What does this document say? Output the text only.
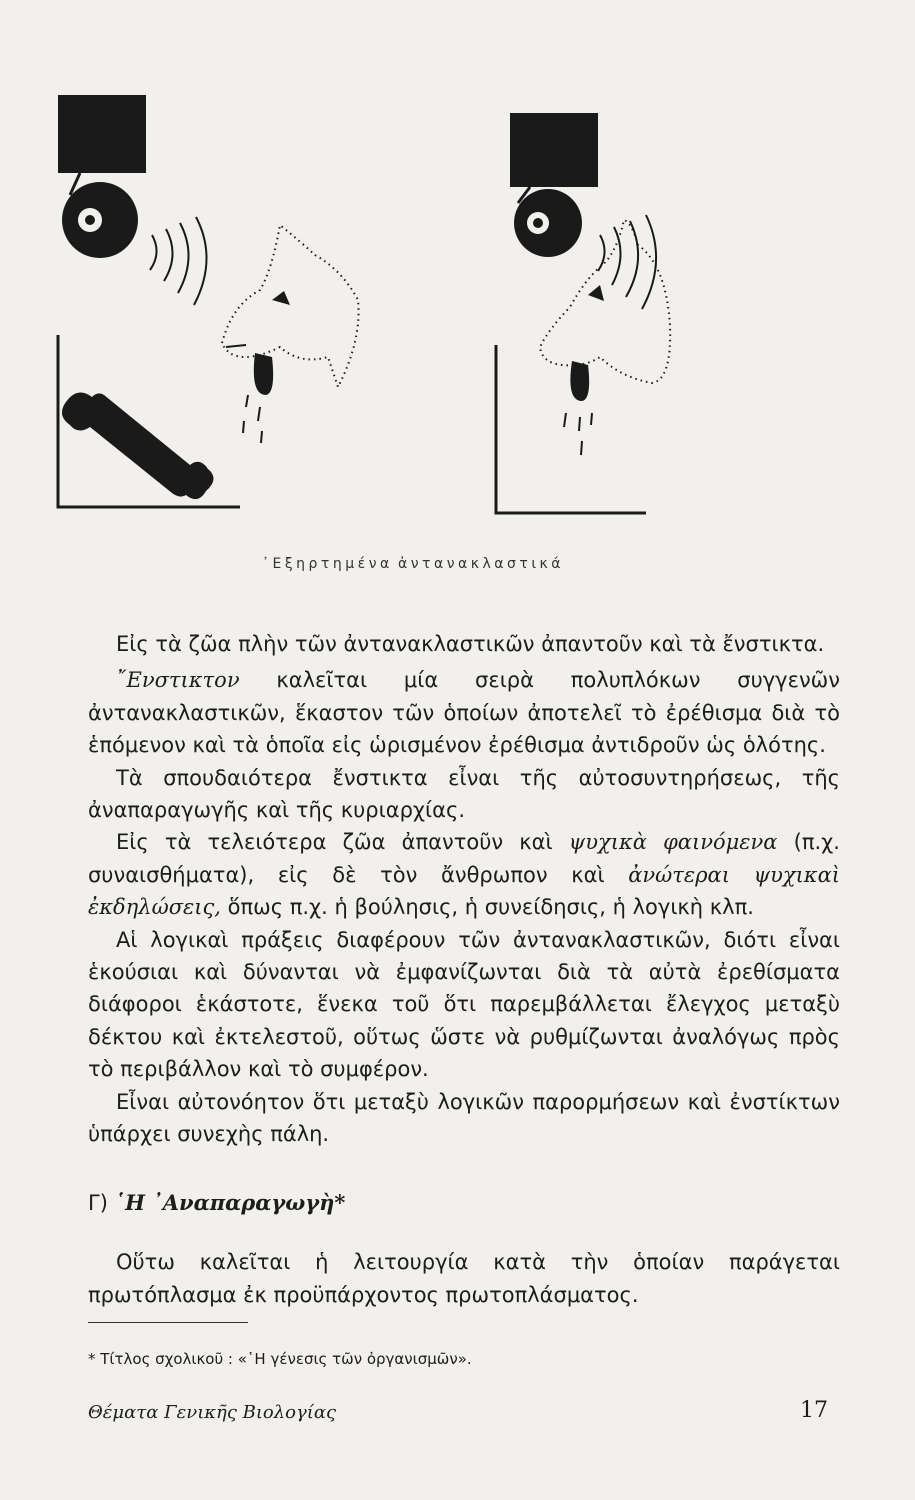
᾿Εξηρτημένα ἀντανακλαστικά

Εἰς τὰ ζῶα πλὴν τῶν ἀντανακλαστικῶν ἀπαντοῦν καὶ τὰ ἔνστικτα.

῎Ενστικτον καλεῖται μία σειρὰ πολυπλόκων συγγενῶν ἀντανακλαστικῶν, ἕκαστον τῶν ὁποίων ἀποτελεῖ τὸ ἐρέθισμα διὰ τὸ ἑπόμενον καὶ τὰ ὁποῖα εἰς ὡρισμένον ἐρέθισμα ἀντιδροῦν ὡς ὁλότης.

Τὰ σπουδαιότερα ἔνστικτα εἶναι τῆς αὐτοσυντηρήσεως, τῆς ἀναπαραγωγῆς καὶ τῆς κυριαρχίας.

Εἰς τὰ τελειότερα ζῶα ἀπαντοῦν καὶ ψυχικὰ φαινόμενα (π.χ. συναισθήματα), εἰς δὲ τὸν ἄνθρωπον καὶ ἀνώτεραι ψυχικαὶ ἐκδηλώσεις, ὅπως π.χ. ἡ βούλησις, ἡ συνείδησις, ἡ λογικὴ κλπ.

Αἱ λογικαὶ πράξεις διαφέρουν τῶν ἀντανακλαστικῶν, διότι εἶναι ἑκούσιαι καὶ δύνανται νὰ ἐμφανίζωνται διὰ τὰ αὐτὰ ἐρεθίσματα διάφοροι ἑκάστοτε, ἕνεκα τοῦ ὅτι παρεμβάλλεται ἔλεγχος μεταξὺ δέκτου καὶ ἐκτελεστοῦ, οὕτως ὥστε νὰ ρυθμίζωνται ἀναλόγως πρὸς τὸ περιβάλλον καὶ τὸ συμφέρον.

Εἶναι αὐτονόητον ὅτι μεταξὺ λογικῶν παρορμήσεων καὶ ἐνστίκτων ὑπάρχει συνεχὴς πάλη.

Γ) ῾Η ᾿Αναπαραγωγὴ*

Οὕτω καλεῖται ἡ λειτουργία κατὰ τὴν ὁποίαν παράγεται πρωτόπλασμα ἐκ προϋπάρχοντος πρωτοπλάσματος.

* Τίτλος σχολικοῦ : «῾Η γένεσις τῶν ὀργανισμῶν».
Θέματα Γενικῆς Βιολογίας	17
